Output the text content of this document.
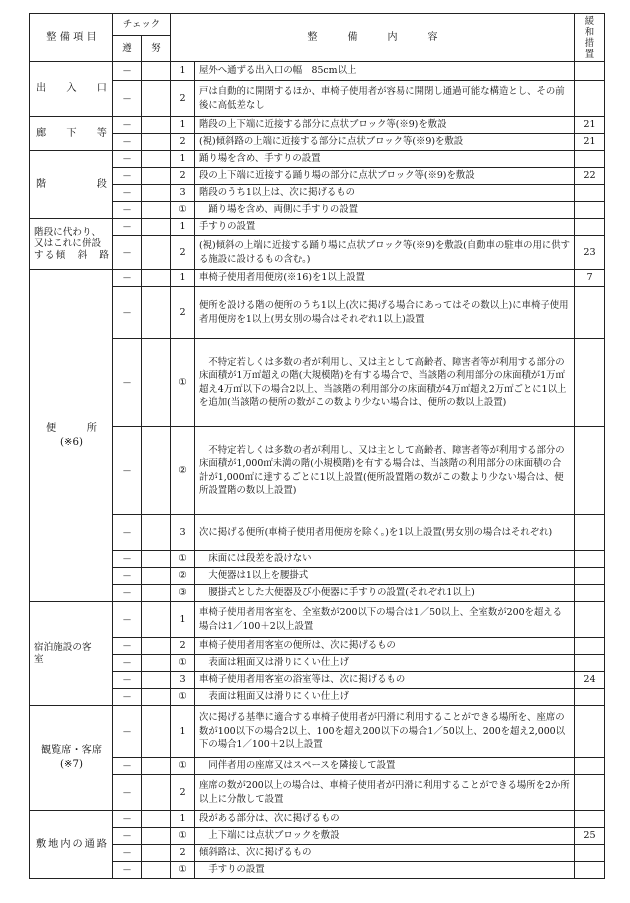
整 備 項 目	チェック		整　　　備　　　内　　　容		緩
和
措
置
	遵	努			
出　入　口	—		1	屋外へ通ずる出入口の幅　85cm以上	
	—		2	戸は自動的に開閉するほか、車椅子使用者が容易に開閉し通過可能な構造とし、その前後に高低差なし	
廊　下　等	—		1	階段の上下端に近接する部分に点状ブロック等(※9)を敷設	21
	—		2	(視)傾斜路の上端に近接する部分に点状ブロック等(※9)を敷設	21
階　　　段	—		1	踊り場を含め、手すりの設置	
	—		2	段の上下端に近接する踊り場の部分に点状ブロック等(※9)を敷設	22
	—		3	階段のうち1以上は、次に掲げるもの	
	—		①	踊り場を含め、両側に手すりの設置	
階段に代わり、又はこれに併設する傾　斜　路	—		1	手すりの設置	
	—		2	(視)傾斜の上端に近接する踊り場に点状ブロック等(※9)を敷設(自動車の駐車の用に供する施設に設けるもの含む。)	23
便　　　所
(※6)	—		1	車椅子使用者用便房(※16)を1以上設置	7
	—		2	便所を設ける階の便所のうち1以上(次に掲げる場合にあってはその数以上)に車椅子使用者用便房を1以上(男女別の場合はそれぞれ1以上)設置	
	—		①	不特定若しくは多数の者が利用し、又は主として高齢者、障害者等が利用する部分の床面積が1万㎡超えの階(大規模階)を有する場合で、当該階の利用部分の床面積が1万㎡超え4万㎡以下の場合2以上、当該階の利用部分の床面積が4万㎡超え2万㎡ごとに1以上を追加(当該階の便所の数がこの数より少ない場合は、便所の数以上設置)	
	—		②	不特定若しくは多数の者が利用し、又は主として高齢者、障害者等が利用する部分の床面積が1,000㎡未満の階(小規模階)を有する場合は、当該階の利用部分の床面積の合計が1,000㎡に達するごとに1以上設置(便所設置階の数がこの数より少ない場合は、便所設置階の数以上設置)	
	—		3	次に掲げる便所(車椅子使用者用便房を除く。)を1以上設置(男女別の場合はそれぞれ)	
	—		①	床面には段差を設けない	
	—		②	大便器は1以上を腰掛式	
	—		③	腰掛式とした大便器及び小便器に手すりの設置(それぞれ1以上)	
宿泊施設の客　　　室	—		1	車椅子使用者用客室を、全室数が200以下の場合は1／50以上、全室数が200を超える場合は1／100＋2以上設置	
	—		2	車椅子使用者用客室の便所は、次に掲げるもの	
	—		①	表面は粗面又は滑りにくい仕上げ	
	—		3	車椅子使用者用客室の浴室等は、次に掲げるもの	24
	—		①	表面は粗面又は滑りにくい仕上げ	
観覧席・客席
(※7)	—		1	次に掲げる基準に適合する車椅子使用者が円滑に利用することができる場所を、座席の数が100以下の場合2以上、100を超え200以下の場合1／50以上、200を超え2,000以下の場合1／100＋2以上設置	
	—		①	同伴者用の座席又はスペースを隣接して設置	
	—		2	座席の数が200以上の場合は、車椅子使用者が円滑に利用することができる場所を2か所以上に分散して設置	
敷地内の通路	—		1	段がある部分は、次に掲げるもの	
	—		①	上下端には点状ブロックを敷設	25
	—		2	傾斜路は、次に掲げるもの	
	—		①	手すりの設置	
